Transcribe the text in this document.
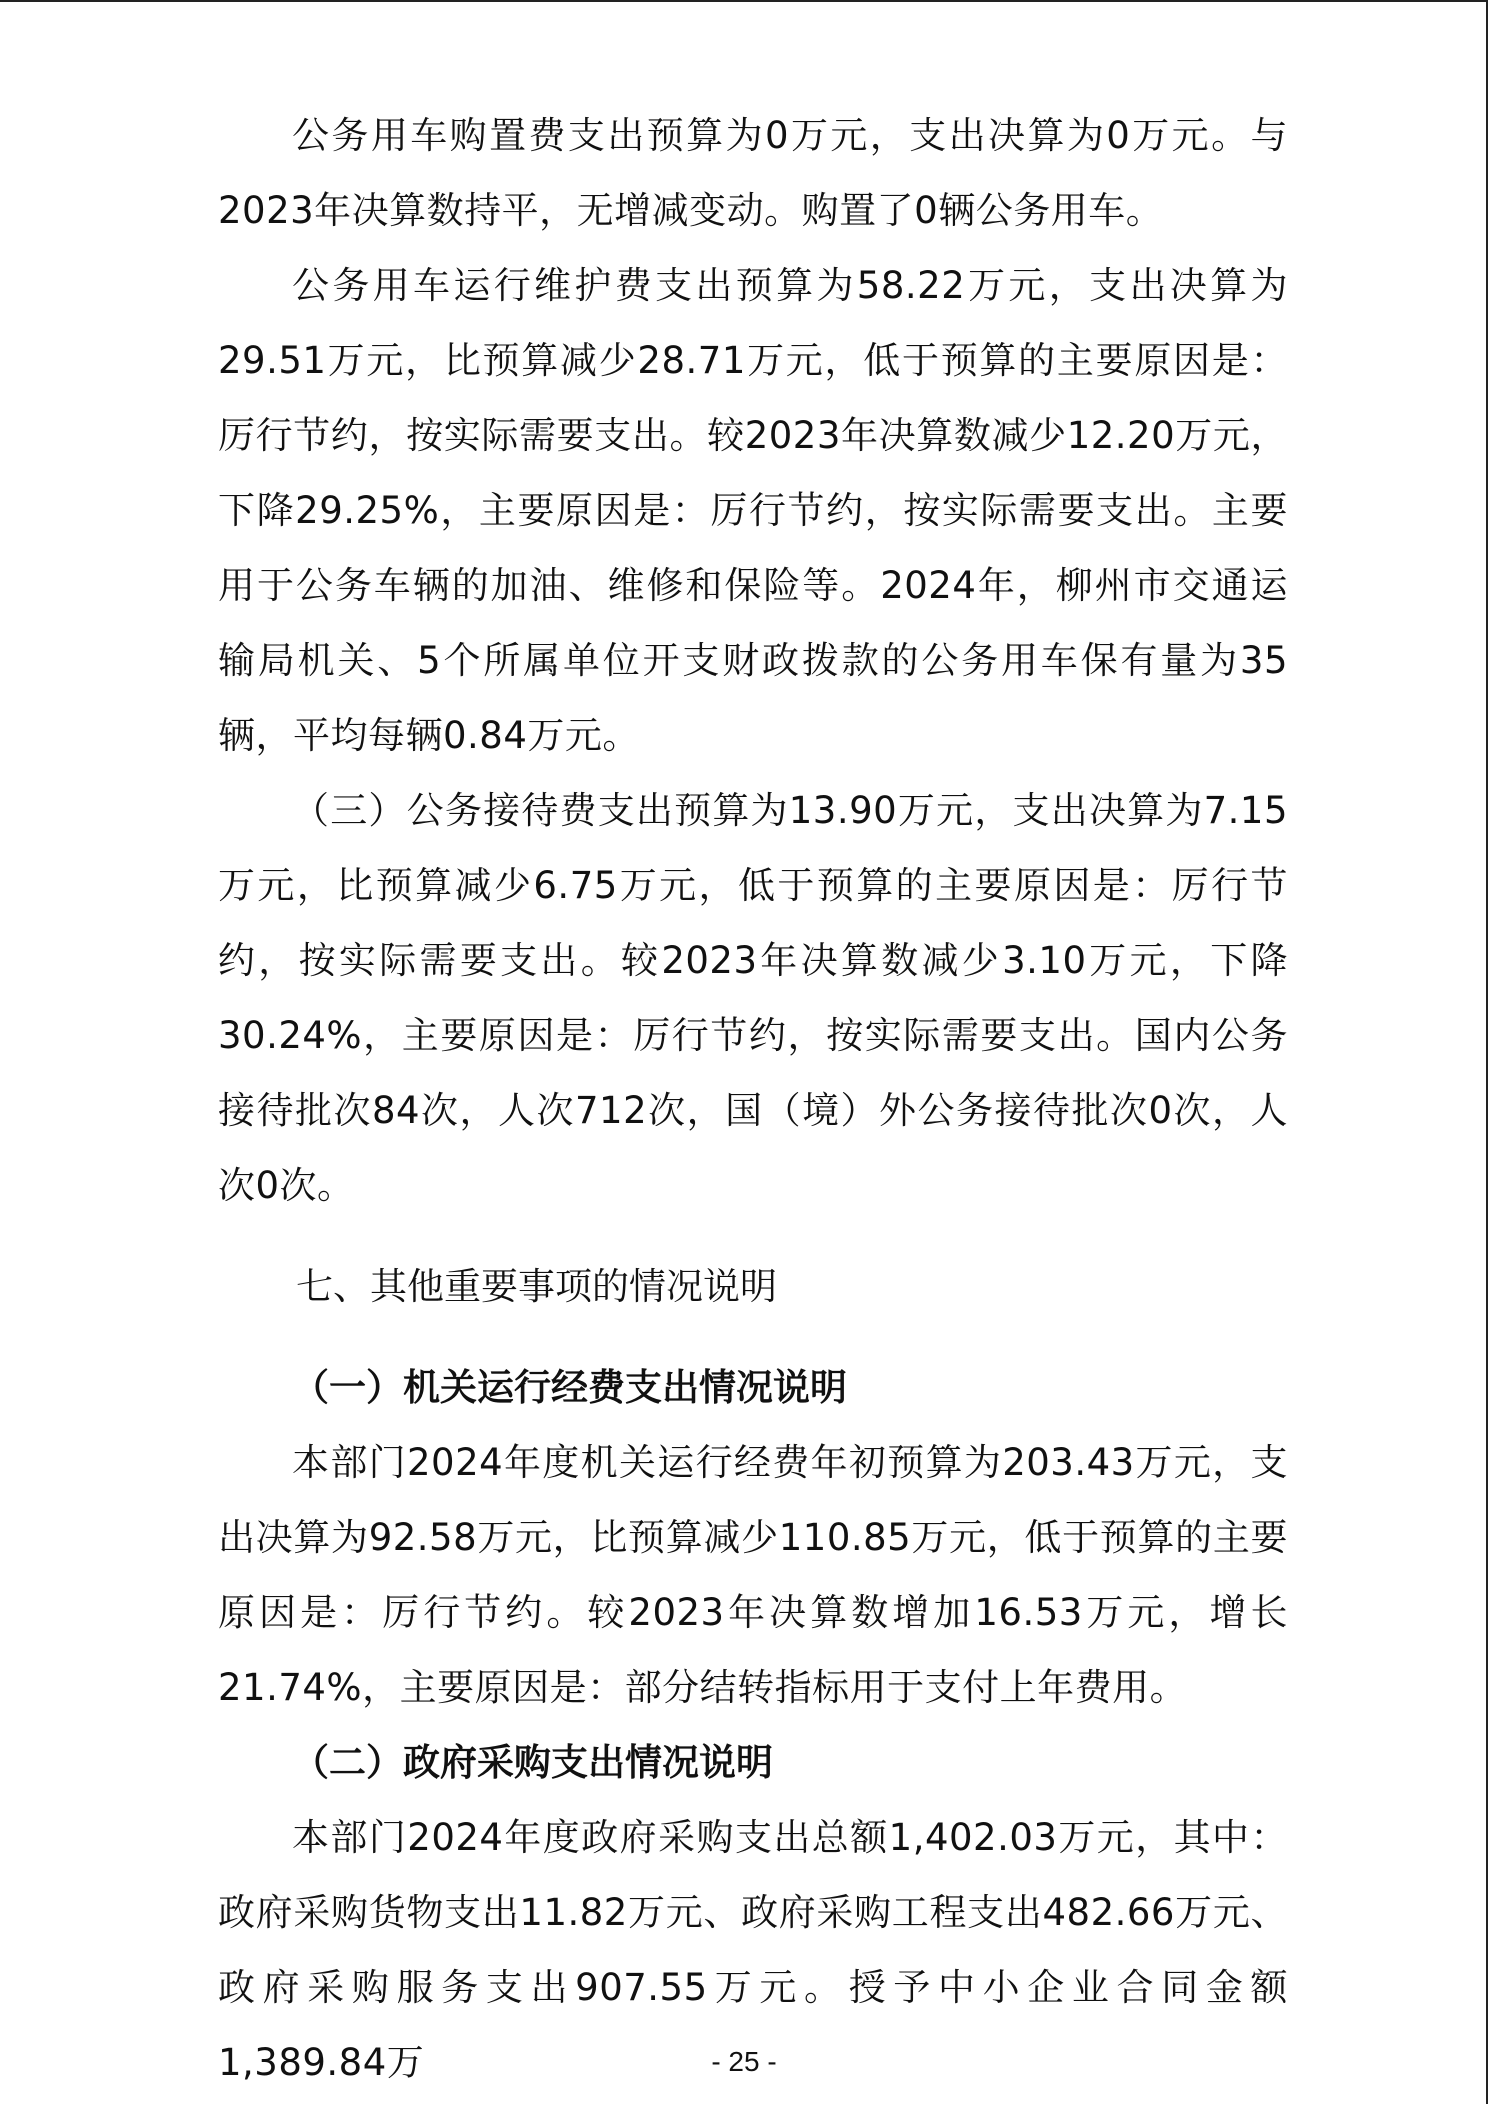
公务用车购置费支出预算为0万元，支出决算为0万元。与2023年决算数持平，无增减变动。购置了0辆公务用车。

公务用车运行维护费支出预算为58.22万元，支出决算为29.51万元，比预算减少28.71万元，低于预算的主要原因是：厉行节约，按实际需要支出。较2023年决算数减少12.20万元，下降29.25%，主要原因是：厉行节约，按实际需要支出。主要用于公务车辆的加油、维修和保险等。2024年，柳州市交通运输局机关、5个所属单位开支财政拨款的公务用车保有量为35辆，平均每辆0.84万元。

（三）公务接待费支出预算为13.90万元，支出决算为7.15万元，比预算减少6.75万元，低于预算的主要原因是：厉行节约，按实际需要支出。较2023年决算数减少3.10万元，下降30.24%，主要原因是：厉行节约，按实际需要支出。国内公务接待批次84次，人次712次，国（境）外公务接待批次0次，人次0次。

七、其他重要事项的情况说明
（一）机关运行经费支出情况说明

本部门2024年度机关运行经费年初预算为203.43万元，支出决算为92.58万元，比预算减少110.85万元，低于预算的主要原因是：厉行节约。较2023年决算数增加16.53万元，增长21.74%，主要原因是：部分结转指标用于支付上年费用。

（二）政府采购支出情况说明

本部门2024年度政府采购支出总额1,402.03万元，其中：政府采购货物支出11.82万元、政府采购工程支出482.66万元、政府采购服务支出907.55万元。授予中小企业合同金额1,389.84万	- 25 -
